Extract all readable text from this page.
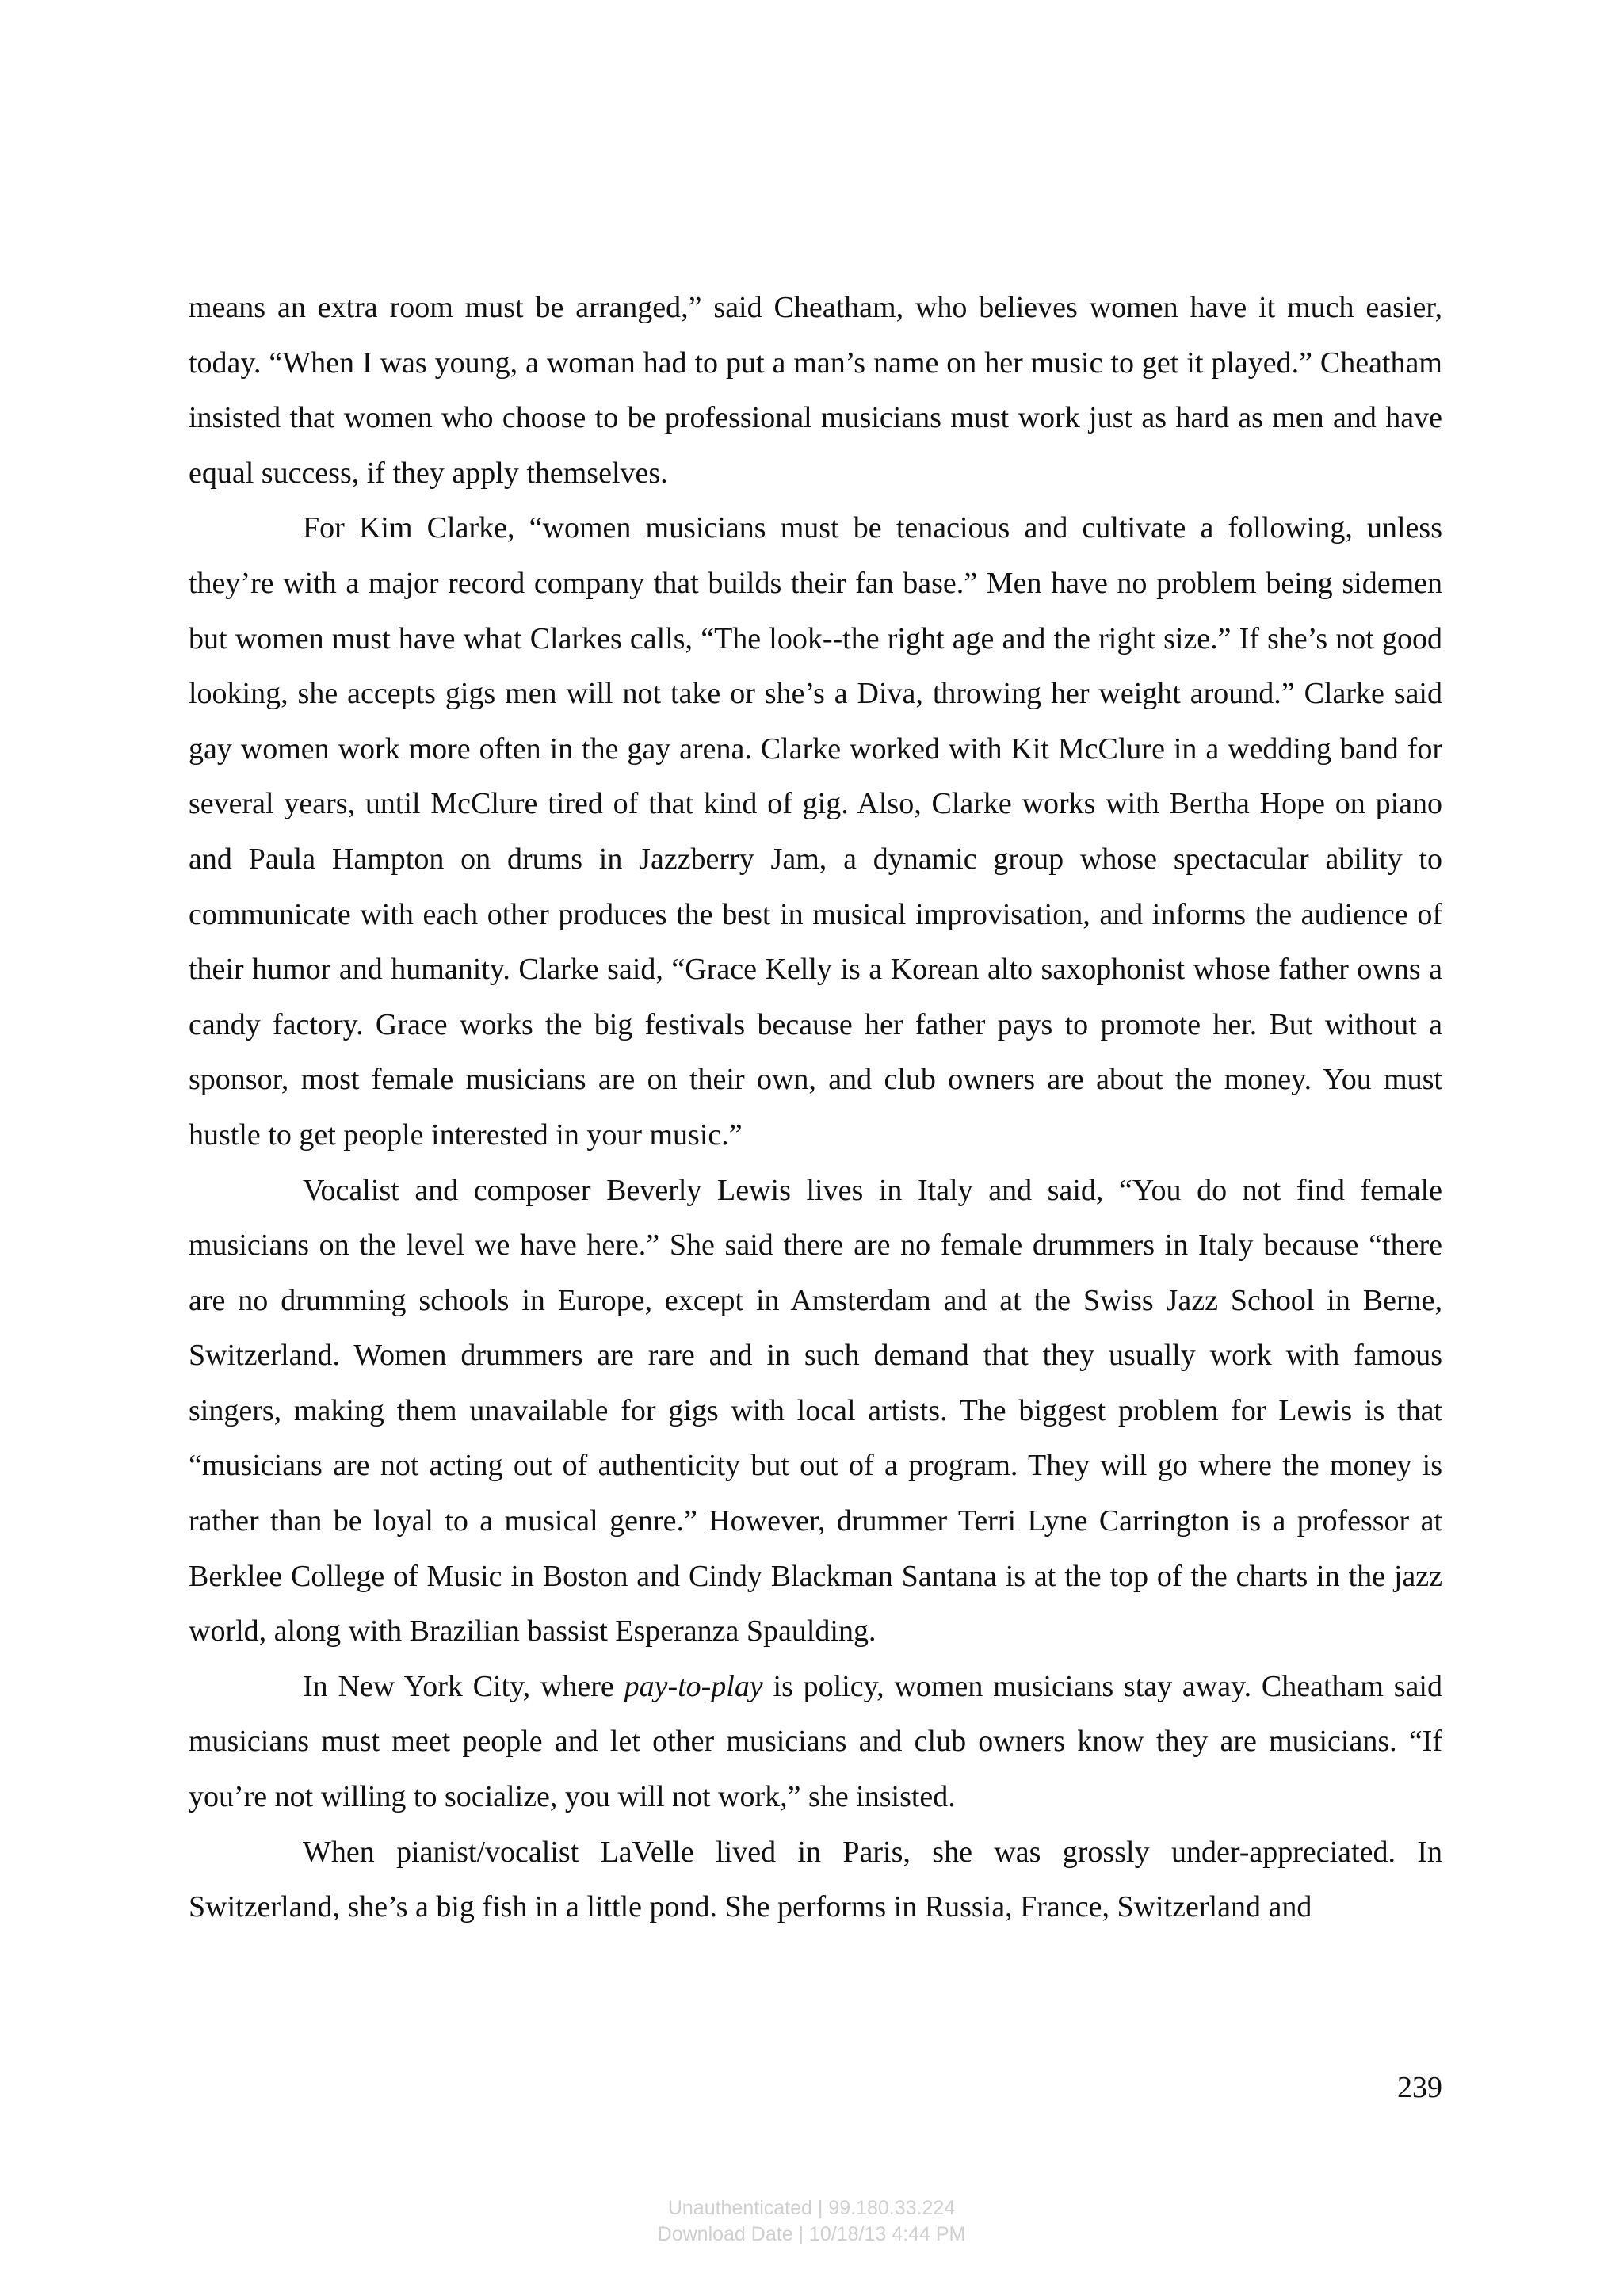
means an extra room must be arranged,” said Cheatham, who believes women have it much easier, today. “When I was young, a woman had to put a man’s name on her music to get it played.” Cheatham insisted that women who choose to be professional musicians must work just as hard as men and have equal success, if they apply themselves.

For Kim Clarke, “women musicians must be tenacious and cultivate a following, unless they’re with a major record company that builds their fan base.” Men have no problem being sidemen but women must have what Clarkes calls, “The look--the right age and the right size.” If she’s not good looking, she accepts gigs men will not take or she’s a Diva, throwing her weight around.” Clarke said gay women work more often in the gay arena. Clarke worked with Kit McClure in a wedding band for several years, until McClure tired of that kind of gig. Also, Clarke works with Bertha Hope on piano and Paula Hampton on drums in Jazzberry Jam, a dynamic group whose spectacular ability to communicate with each other produces the best in musical improvisation, and informs the audience of their humor and humanity. Clarke said, “Grace Kelly is a Korean alto saxophonist whose father owns a candy factory. Grace works the big festivals because her father pays to promote her. But without a sponsor, most female musicians are on their own, and club owners are about the money. You must hustle to get people interested in your music.”

Vocalist and composer Beverly Lewis lives in Italy and said, “You do not find female musicians on the level we have here.” She said there are no female drummers in Italy because “there are no drumming schools in Europe, except in Amsterdam and at the Swiss Jazz School in Berne, Switzerland. Women drummers are rare and in such demand that they usually work with famous singers, making them unavailable for gigs with local artists. The biggest problem for Lewis is that “musicians are not acting out of authenticity but out of a program. They will go where the money is rather than be loyal to a musical genre.” However, drummer Terri Lyne Carrington is a professor at Berklee College of Music in Boston and Cindy Blackman Santana is at the top of the charts in the jazz world, along with Brazilian bassist Esperanza Spaulding.

In New York City, where pay-to-play is policy, women musicians stay away. Cheatham said musicians must meet people and let other musicians and club owners know they are musicians. “If you’re not willing to socialize, you will not work,” she insisted.

When pianist/vocalist LaVelle lived in Paris, she was grossly under-appreciated. In Switzerland, she’s a big fish in a little pond. She performs in Russia, France, Switzerland and

239
Unauthenticated | 99.180.33.224
Download Date | 10/18/13 4:44 PM
